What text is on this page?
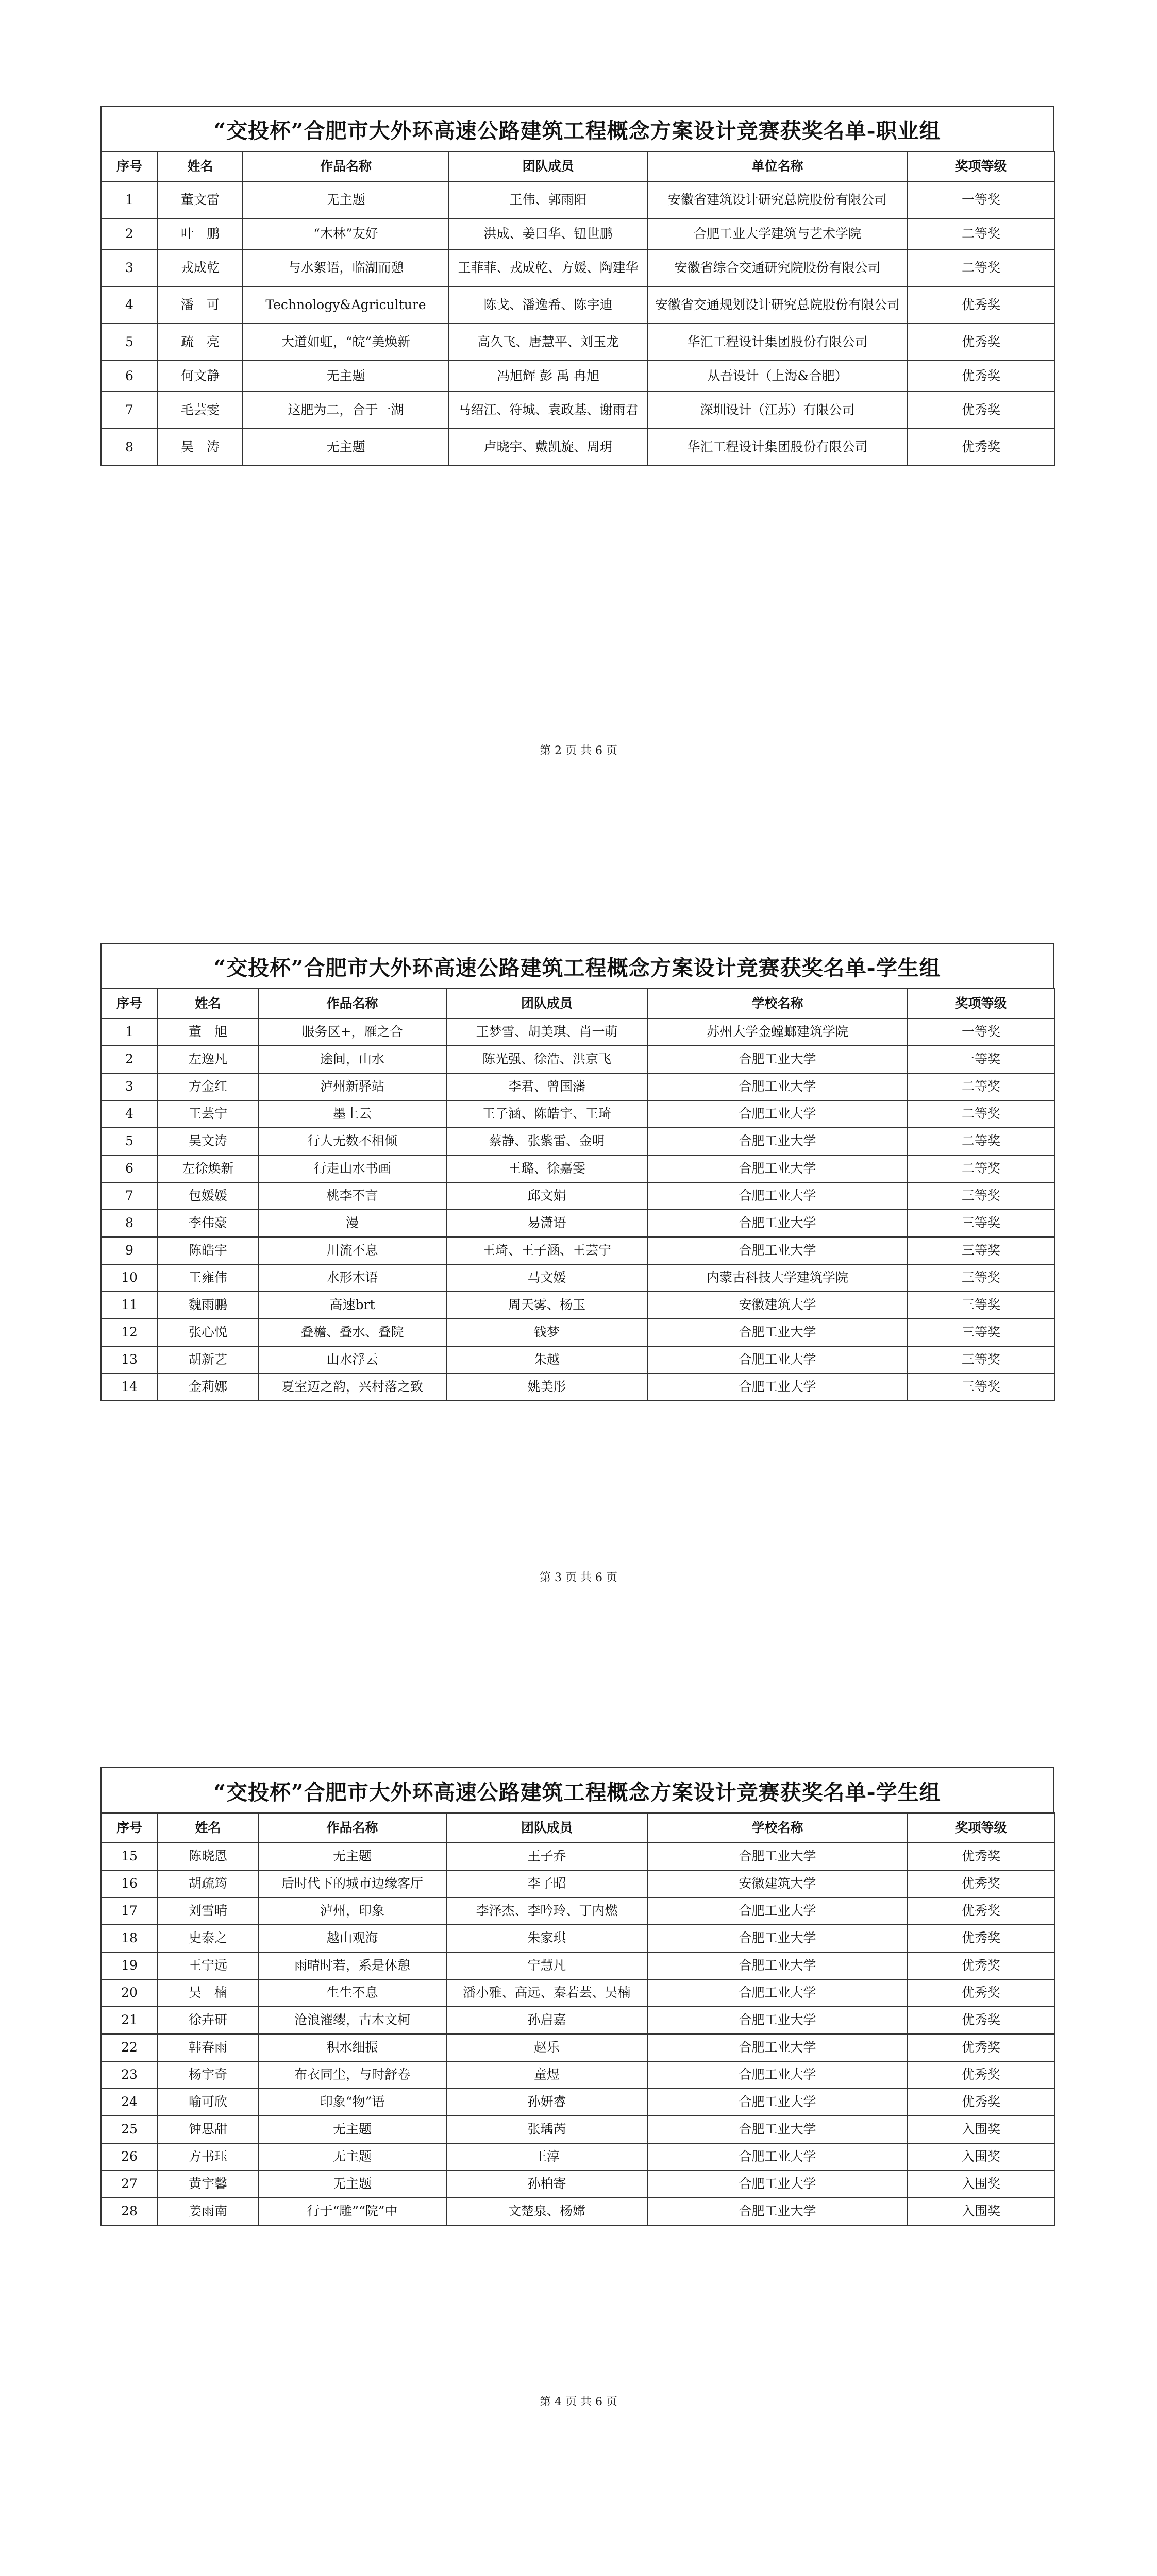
“交投杯”合肥市大外环高速公路建筑工程概念方案设计竞赛获奖名单-职业组
序号	姓名	作品名称	团队成员	单位名称	奖项等级
1	董文雷	无主题	王伟、郭雨阳	安徽省建筑设计研究总院股份有限公司	一等奖
2	叶　鹏	“木林”友好	洪成、姜曰华、钮世鹏	合肥工业大学建筑与艺术学院	二等奖
3	戎成乾	与水絮语，临湖而憩	王菲菲、戎成乾、方媛、陶建华	安徽省综合交通研究院股份有限公司	二等奖
4	潘　可	Technology&Agriculture	陈戈、潘逸希、陈宇迪	安徽省交通规划设计研究总院股份有限公司	优秀奖
5	疏　亮	大道如虹，“皖”美焕新	高久飞、唐慧平、刘玉龙	华汇工程设计集团股份有限公司	优秀奖
6	何文静	无主题	冯旭辉 彭 禹 冉旭	从吾设计（上海&合肥）	优秀奖
7	毛芸雯	这肥为二，合于一湖	马绍江、符城、袁政基、谢雨君	深圳设计（江苏）有限公司	优秀奖
8	吴　涛	无主题	卢晓宇、戴凯旋、周玥	华汇工程设计集团股份有限公司	优秀奖
第 2 页 共 6 页
“交投杯”合肥市大外环高速公路建筑工程概念方案设计竞赛获奖名单-学生组
序号	姓名	作品名称	团队成员	学校名称	奖项等级
1	董　旭	服务区+，雁之合	王梦雪、胡美琪、肖一萌	苏州大学金螳螂建筑学院	一等奖
2	左逸凡	途间，山水	陈光强、徐浩、洪京飞	合肥工业大学	一等奖
3	方金红	泸州新驿站	李君、曾国藩	合肥工业大学	二等奖
4	王芸宁	墨上云	王子涵、陈皓宇、王琦	合肥工业大学	二等奖
5	吴文涛	行人无数不相倾	蔡静、张紫雷、金明	合肥工业大学	二等奖
6	左徐焕新	行走山水书画	王璐、徐嘉雯	合肥工业大学	二等奖
7	包媛媛	桃李不言	邱文娟	合肥工业大学	三等奖
8	李伟豪	漫	易潇语	合肥工业大学	三等奖
9	陈皓宇	川流不息	王琦、王子涵、王芸宁	合肥工业大学	三等奖
10	王雍伟	水形木语	马文媛	内蒙古科技大学建筑学院	三等奖
11	魏雨鹏	高速brt	周天雾、杨玉	安徽建筑大学	三等奖
12	张心悦	叠檐、叠水、叠院	钱梦	合肥工业大学	三等奖
13	胡新艺	山水浮云	朱越	合肥工业大学	三等奖
14	金莉娜	夏室迈之韵，兴村落之致	姚美彤	合肥工业大学	三等奖
第 3 页 共 6 页
“交投杯”合肥市大外环高速公路建筑工程概念方案设计竞赛获奖名单-学生组
序号	姓名	作品名称	团队成员	学校名称	奖项等级
15	陈晓恩	无主题	王子乔	合肥工业大学	优秀奖
16	胡疏筠	后时代下的城市边缘客厅	李子昭	安徽建筑大学	优秀奖
17	刘雪晴	泸州，印象	李泽杰、李吟玲、丁内燃	合肥工业大学	优秀奖
18	史泰之	越山观海	朱家琪	合肥工业大学	优秀奖
19	王宁远	雨晴时若，系是休憩	宁慧凡	合肥工业大学	优秀奖
20	吴　楠	生生不息	潘小雅、高远、秦若芸、吴楠	合肥工业大学	优秀奖
21	徐卉研	沧浪濯缨，古木文柯	孙启嘉	合肥工业大学	优秀奖
22	韩春雨	积水细振	赵乐	合肥工业大学	优秀奖
23	杨宇奇	布衣同尘，与时舒卷	童煜	合肥工业大学	优秀奖
24	喻可欣	印象“物”语	孙妍睿	合肥工业大学	优秀奖
25	钟思甜	无主题	张瑀芮	合肥工业大学	入围奖
26	方书珏	无主题	王淳	合肥工业大学	入围奖
27	黄宇馨	无主题	孙柏寄	合肥工业大学	入围奖
28	姜雨南	行于“雕”“院”中	文楚泉、杨嫦	合肥工业大学	入围奖
第 4 页 共 6 页
